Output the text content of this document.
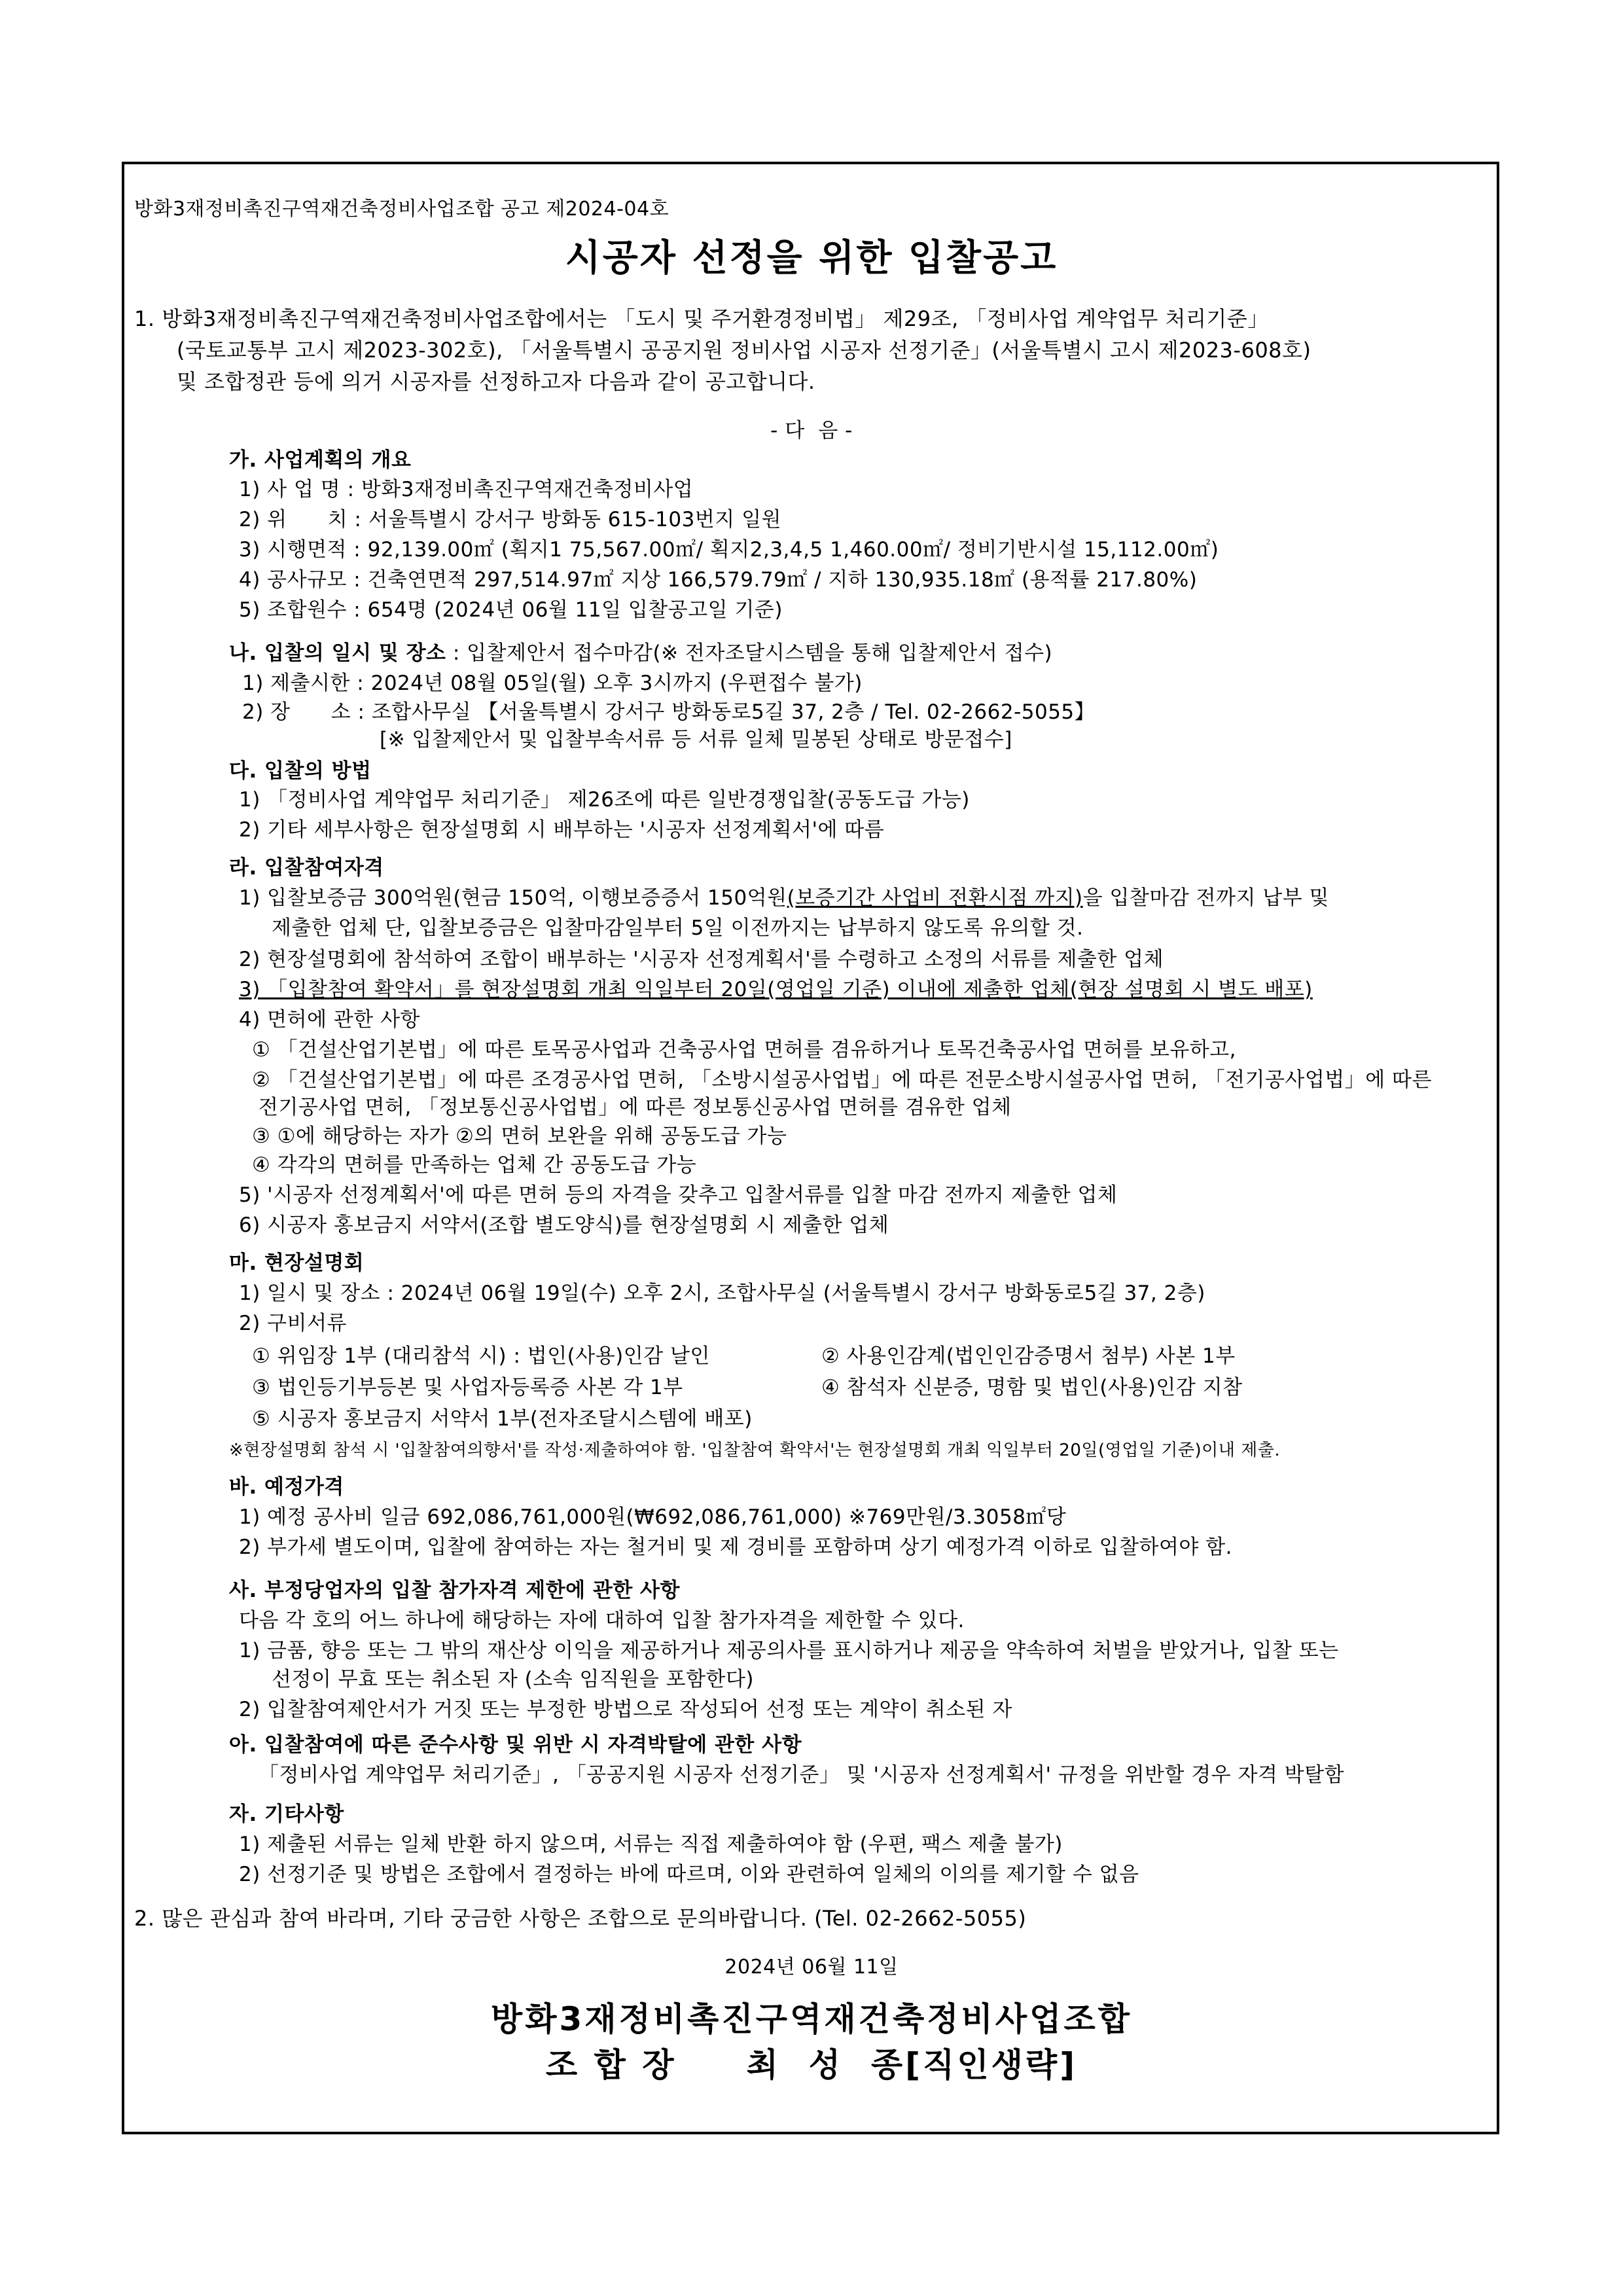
방화3재정비촉진구역재건축정비사업조합 공고 제2024-04호
시공자 선정을 위한 입찰공고
1. 방화3재정비촉진구역재건축정비사업조합에서는 「도시 및 주거환경정비법」 제29조, 「정비사업 계약업무 처리기준」
(국토교통부 고시 제2023-302호), 「서울특별시 공공지원 정비사업 시공자 선정기준」(서울특별시 고시 제2023-608호)
및 조합정관 등에 의거 시공자를 선정하고자 다음과 같이 공고합니다.
- 다  음 -
가. 사업계획의 개요
1) 사 업 명 : 방화3재정비촉진구역재건축정비사업
2) 위      치 : 서울특별시 강서구 방화동 615-103번지 일원
3) 시행면적 : 92,139.00㎡ (획지1 75,567.00㎡/ 획지2,3,4,5 1,460.00㎡/ 정비기반시설 15,112.00㎡)
4) 공사규모 : 건축연면적 297,514.97㎡ 지상 166,579.79㎡ / 지하 130,935.18㎡ (용적률 217.80%)
5) 조합원수 : 654명 (2024년 06월 11일 입찰공고일 기준)
나. 입찰의 일시 및 장소 : 입찰제안서 접수마감(※ 전자조달시스템을 통해 입찰제안서 접수)
1) 제출시한 : 2024년 08월 05일(월) 오후 3시까지 (우편접수 불가)
2) 장      소 : 조합사무실 【서울특별시 강서구 방화동로5길 37, 2층 / Tel. 02-2662-5055】
[※ 입찰제안서 및 입찰부속서류 등 서류 일체 밀봉된 상태로 방문접수]
다. 입찰의 방법
1) 「정비사업 계약업무 처리기준」 제26조에 따른 일반경쟁입찰(공동도급 가능)
2) 기타 세부사항은 현장설명회 시 배부하는 '시공자 선정계획서'에 따름
라. 입찰참여자격
1) 입찰보증금 300억원(현금 150억, 이행보증증서 150억원(보증기간 사업비 전환시점 까지)을 입찰마감 전까지 납부 및
제출한 업체 단, 입찰보증금은 입찰마감일부터 5일 이전까지는 납부하지 않도록 유의할 것.
2) 현장설명회에 참석하여 조합이 배부하는 '시공자 선정계획서'를 수령하고 소정의 서류를 제출한 업체
3) 「입찰참여 확약서」를 현장설명회 개최 익일부터 20일(영업일 기준) 이내에 제출한 업체(현장 설명회 시 별도 배포)
4) 면허에 관한 사항
① 「건설산업기본법」에 따른 토목공사업과 건축공사업 면허를 겸유하거나 토목건축공사업 면허를 보유하고,
② 「건설산업기본법」에 따른 조경공사업 면허, 「소방시설공사업법」에 따른 전문소방시설공사업 면허, 「전기공사업법」에 따른
전기공사업 면허, 「정보통신공사업법」에 따른 정보통신공사업 면허를 겸유한 업체
③ ①에 해당하는 자가 ②의 면허 보완을 위해 공동도급 가능
④ 각각의 면허를 만족하는 업체 간 공동도급 가능
5) '시공자 선정계획서'에 따른 면허 등의 자격을 갖추고 입찰서류를 입찰 마감 전까지 제출한 업체
6) 시공자 홍보금지 서약서(조합 별도양식)를 현장설명회 시 제출한 업체
마. 현장설명회
1) 일시 및 장소 : 2024년 06월 19일(수) 오후 2시, 조합사무실 (서울특별시 강서구 방화동로5길 37, 2층)
2) 구비서류
① 위임장 1부 (대리참석 시) : 법인(사용)인감 날인	② 사용인감계(법인인감증명서 첨부) 사본 1부
③ 법인등기부등본 및 사업자등록증 사본 각 1부	④ 참석자 신분증, 명함 및 법인(사용)인감 지참
⑤ 시공자 홍보금지 서약서 1부(전자조달시스템에 배포)
※현장설명회 참석 시 '입찰참여의향서'를 작성·제출하여야 함. '입찰참여 확약서'는 현장설명회 개최 익일부터 20일(영업일 기준)이내 제출.
바. 예정가격
1) 예정 공사비 일금 692,086,761,000원(₩692,086,761,000) ※769만원/3.3058㎡당
2) 부가세 별도이며, 입찰에 참여하는 자는 철거비 및 제 경비를 포함하며 상기 예정가격 이하로 입찰하여야 함.
사. 부정당업자의 입찰 참가자격 제한에 관한 사항
다음 각 호의 어느 하나에 해당하는 자에 대하여 입찰 참가자격을 제한할 수 있다.
1) 금품, 향응 또는 그 밖의 재산상 이익을 제공하거나 제공의사를 표시하거나 제공을 약속하여 처벌을 받았거나, 입찰 또는
선정이 무효 또는 취소된 자 (소속 임직원을 포함한다)
2) 입찰참여제안서가 거짓 또는 부정한 방법으로 작성되어 선정 또는 계약이 취소된 자
아. 입찰참여에 따른 준수사항 및 위반 시 자격박탈에 관한 사항
「정비사업 계약업무 처리기준」, 「공공지원 시공자 선정기준」 및 '시공자 선정계획서' 규정을 위반할 경우 자격 박탈함
자. 기타사항
1) 제출된 서류는 일체 반환 하지 않으며, 서류는 직접 제출하여야 함 (우편, 팩스 제출 불가)
2) 선정기준 및 방법은 조합에서 결정하는 바에 따르며, 이와 관련하여 일체의 이의를 제기할 수 없음
2. 많은 관심과 참여 바라며, 기타 궁금한 사항은 조합으로 문의바랍니다. (Tel. 02-2662-5055)
2024년 06월 11일
방화3재정비촉진구역재건축정비사업조합
조 합 장     최  성  종[직인생략]
